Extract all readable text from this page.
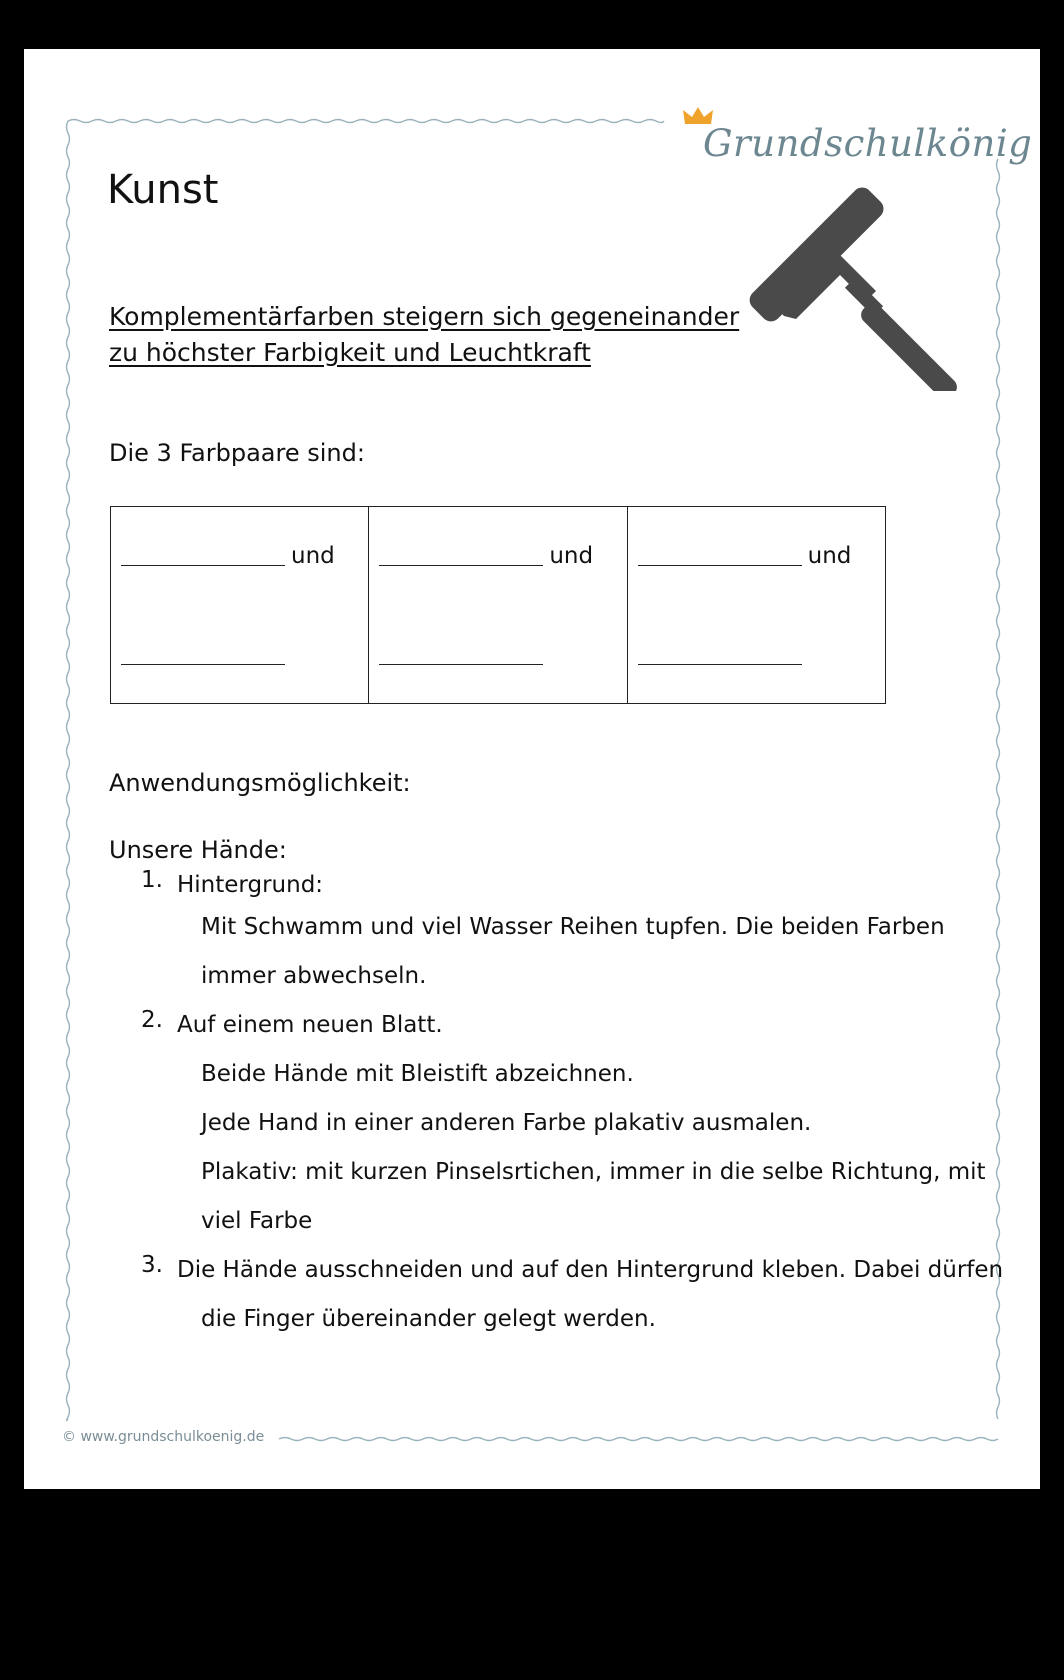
Grundschulkönig
Kunst
Komplementärfarben steigern sich gegeneinander
zu höchster Farbigkeit und Leuchtkraft
Die 3 Farbpaare sind:
und	und	und
Anwendungsmöglichkeit:
Unsere Hände:
1. Hintergrund:
Mit Schwamm und viel Wasser Reihen tupfen. Die beiden Farben
immer abwechseln.
2. Auf einem neuen Blatt.
Beide Hände mit Bleistift abzeichnen.
Jede Hand in einer anderen Farbe plakativ ausmalen.
Plakativ: mit kurzen Pinselsrtichen, immer in die selbe Richtung, mit
viel Farbe
3. Die Hände ausschneiden und auf den Hintergrund kleben. Dabei dürfen
die Finger übereinander gelegt werden.
© www.grundschulkoenig.de
